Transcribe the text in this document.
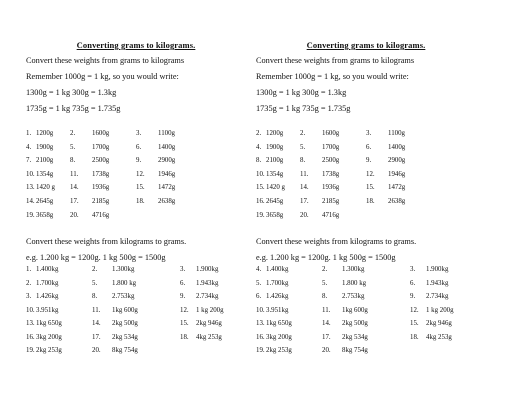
Converting grams to kilograms.
Convert these weights from grams to kilograms
Remember 1000g = 1 kg, so you would write:
1300g = 1 kg 300g = 1.3kg
1735g = 1 kg 735g = 1.735g
1. 1200g 2. 1600g	3. 1100g
4. 1900g 5. 1700g	6. 1400g
7. 2100g 8. 2500g	9. 2900g
10. 1354g 11. 1738g	12. 1946g
13. 1420 g 14. 1936g	15. 1472g
14. 2645g 17. 2185g	18. 2638g
19. 3658g 20. 4716g
Convert these weights from kilograms to grams.
e.g. 1.200 kg = 1200g. 1 kg 500g = 1500g
1. 1.400kg	2. 1.300kg	3. 1.900kg
2. 1.700kg	5. 1.800 kg	6. 1.943kg
3. 1.426kg	8. 2.753kg	9. 2.734kg
10. 3.951kg	11. 1kg 600g	12. 1 kg 200g
13. 1kg 650g	14. 2kg 500g	15. 2kg 946g
16. 3kg 200g	17. 2kg 534g	18. 4kg 253g
19. 2kg 253g	20. 8kg 754g
Converting grams to kilograms.
Convert these weights from grams to kilograms
Remember 1000g = 1 kg, so you would write:
1300g = 1 kg 300g = 1.3kg
1735g = 1 kg 735g = 1.735g
2. 1200g 2. 1600g	3. 1100g
4. 1900g 5. 1700g	6. 1400g
8. 2100g 8. 2500g	9. 2900g
10. 1354g 11. 1738g	12. 1946g
15. 1420 g 14. 1936g	15. 1472g
16. 2645g 17. 2185g	18. 2638g
19. 3658g 20. 4716g
Convert these weights from kilograms to grams.
e.g. 1.200 kg = 1200g. 1 kg 500g = 1500g
4. 1.400kg	2. 1.300kg	3. 1.900kg
5. 1.700kg	5. 1.800 kg	6. 1.943kg
6. 1.426kg	8. 2.753kg	9. 2.734kg
10. 3.951kg	11. 1kg 600g	12. 1 kg 200g
13. 1kg 650g	14. 2kg 500g	15. 2kg 946g
16. 3kg 200g	17. 2kg 534g	18. 4kg 253g
19. 2kg 253g	20. 8kg 754g
